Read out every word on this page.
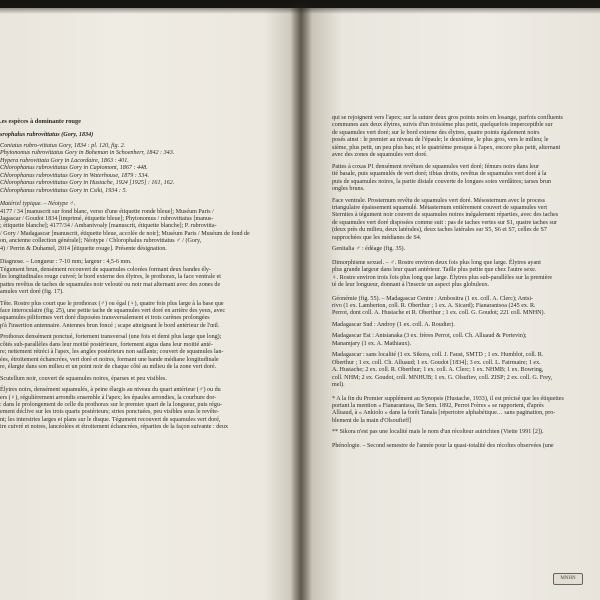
.es espèces à dominante rouge

srophalus rubrovittatus (Gory, 1834)

Coniatus rubro-vittatus Gory, 1834 : pl. 120, fig. 2.

Phytonomus rubrovittatus Gory in Boheman in Schoenherr, 1842 : 343.

Hypera rubrovittata Gory in Lacordaire, 1863 : 401.

Chlorophanus rubrovittatus Gory in Capiomont, 1867 : 448.

Chlorophanus rubrovittatus Gory in Waterhouse, 1879 : 534.

Chlorophanus rubrovittatus Gory in Hustache, 1924 [1925] : 161, 162.

Chlorophanus rubrovittatus Gory in Csiki, 1934 : 5.

Matériel typique. – Néotype ♂.

4177 / 34 [manuscrit sur fond blanc, verso d'une étiquette ronde bleue]; Muséum Paris /

Jagascar / Goudot 1834 [imprimé, étiquette bleue]; Phytonomus / rubrovittatus [manus-

; étiquette blanche]; 4177/34 / Ambanivoaly [manuscrit, étiquette blanche]; P. rubrovitta-

/ Gory / Madagascar [manuscrit, étiquette bleue, accolée de noir]; Muséum Paris / Muséum de fond de

on, ancienne collection générale]; Néotype / Chlorophalus rubrovittatus ♂ / (Gory,

4) / Perrin & Duhamel, 2014 [étiquette rouge]. Présente désignation.

Diagnose. – Longueur : 7-10 mm; largeur : 4,5-6 mm.

Tégument brun, densément recouvert de squamules colorées formant deux bandes ély-

les longitudinales rouge cuivré; le bord externe des élytres, le prothorax, la face ventrale et

pattes revêtus de taches de squamules noir velouté ou noir mat alternant avec des zones de

amules vert doré (fig. 17).

Tête. Rostre plus court que le prothorax (♂) ou égal (♀), quatre fois plus large à la base que

face interoculaire (fig. 25), une petite tache de squamules vert doré en arrière des yeux, avec

squamules piliformes vert doré disposées transversalement et trois carènes prolongées

p'à l'insertion antennaire. Antennes brun foncé ; scape atteignant le bord antérieur de l'œil.

Prothorax densément ponctué, fortement transversal (une fois et demi plus large que long);

côtés sub-parallèles dans leur moitié postérieure, fortement aigus dans leur moitié anté-

re; nettement rétréci à l'apex, les angles postérieurs non saillants; couvert de squamules lan-

ées, étroitement échancrées, vert doré et noires, formant une bande médiane longitudinale

re, élargie dans son milieu et un point noir de chaque côté au milieu de la zone vert doré.

Scutellum noir, couvert de squamules noires, éparses et peu visibles.

Élytres noirs, densément squamulés, à peine élargis au niveau du quart antérieur (♂) ou du

ers (♀), régulièrement arrondis ensemble à l'apex; les épaules arrondies, la courbure dor-

: dans le prolongement de celle du prothorax sur le premier quart de la longueur, puis régu-

ement déclive sur les trois quarts postérieurs; stries ponctuées, peu visibles sous le revête-

nt; les interstries larges et plans sur le disque. Tégument recouvert de squamules vert doré,

ire cuivré et noires, lancéolées et étroitement échancrées, réparties de la façon suivante : deux

qui se rejoignent vers l'apex; sur la suture deux gros points noirs en losange, parfois confluents

communes aux deux élytres, suivis d'un troisième plus petit, quelquefois imperceptible sur

de squamules vert doré; sur le bord externe des élytres, quatre points également noirs

posés ainsi : le premier au niveau de l'épaule; le deuxième, le plus gros, vers le milieu; le

sième, plus petit, un peu plus bas; et le quatrième presque à l'apex, encore plus petit, alternant

avec des zones de squamules vert doré.

Pattes à coxas P1 densément revêtues de squamules vert doré; fémurs noirs dans leur

tié basale, puis squamulés de vert doré; tibias droits, revêtus de squamules vert doré à la

puis de squamules noires, la partie distale couverte de longues soies verdâtres; tarses brun

ongles bruns.

Face ventrale. Prosternum revêtu de squamules vert doré. Mésosternum avec le process

triangulaire épaissement squamulé. Métasternum entièrement couvert de squamules vert

Sternites à tégument noir couvert de squamules noires inégalement réparties, avec des taches

de squamules vert doré disposées comme suit : pas de taches vertes sur S1, quatre taches sur

(deux près du milieu, deux latérales), deux taches latérales sur S5, S6 et S7, celles de S7

rapprochées que les médianes de S4.

Genitalia ♂ : édéage (fig. 35).

Dimorphisme sexuel. – ♂. Rostre environ deux fois plus long que large. Élytres ayant

plus grande largeur dans leur quart antérieur. Taille plus petite que chez l'autre sexe.

♀. Rostre environ trois fois plus long que large. Élytres plus sub-parallèles sur la première

té de leur longueur, donnant à l'insecte un aspect plus globuleux.

Géonémie (fig. 55). – Madagascar Centre : Ambositra (1 ex. coll. A. Clerc); Antsi-

rivo (1 ex. Lamberton, coll. R. Oberthur ; 1 ex. A. Sicard); Fianarantsoa (245 ex. R.

Perrot, dont coll. A. Hustache et R. Oberthur ; 1 ex. coll. G. Goudot; 221 coll. MNHN).

Madagascar Sud : Androy (1 ex. coll. A. Roudier).

Madagascar Est : Antsianaka (3 ex. frères Perrot, coll. Ch. Alluaud & Portevin);

Manamjary (1 ex. A. Mathiaux).

Madagascar : sans localité (1 ex. Sikora, coll. J. Faust, SMTD ; 1 ex. Humblot, coll. R.

Oberthur ; 1 ex. coll. Ch. Alluaud; 1 ex. Goudot [1834]; 3 ex. coll. L. Fairmaire; 1 ex.

A. Hustache; 2 ex. coll. R. Oberthur; 1 ex. coll. A. Clerc; 1 ex. NHMB; 1 ex. Bowring,

coll. NHM; 2 ex. Goudot, coll. MNHUB; 1 ex. G. Olsufiev, coll. ZISP; 2 ex. coll. G. Frey,

mel).

* A la fin du Premier supplément au Synopsis (Hustache, 1933), il est précisé que les étiquettes

portant la mention « Fianarantsoa, IIe Sem. 1892, Perrot Frères » se rapportent, d'après

Alluaud, à « Ankiolo » dans la forêt Tanala [répertoire alphabétique… sans pagination, pro-

blement de la main d'Olsoufieff]

** Sikora n'est pas une localité mais le nom d'un récolteur autrichien (Viette 1991 [2]).

Phénologie. – Second semestre de l'année pour la quasi-totalité des récoltes observées (une

MNHN
